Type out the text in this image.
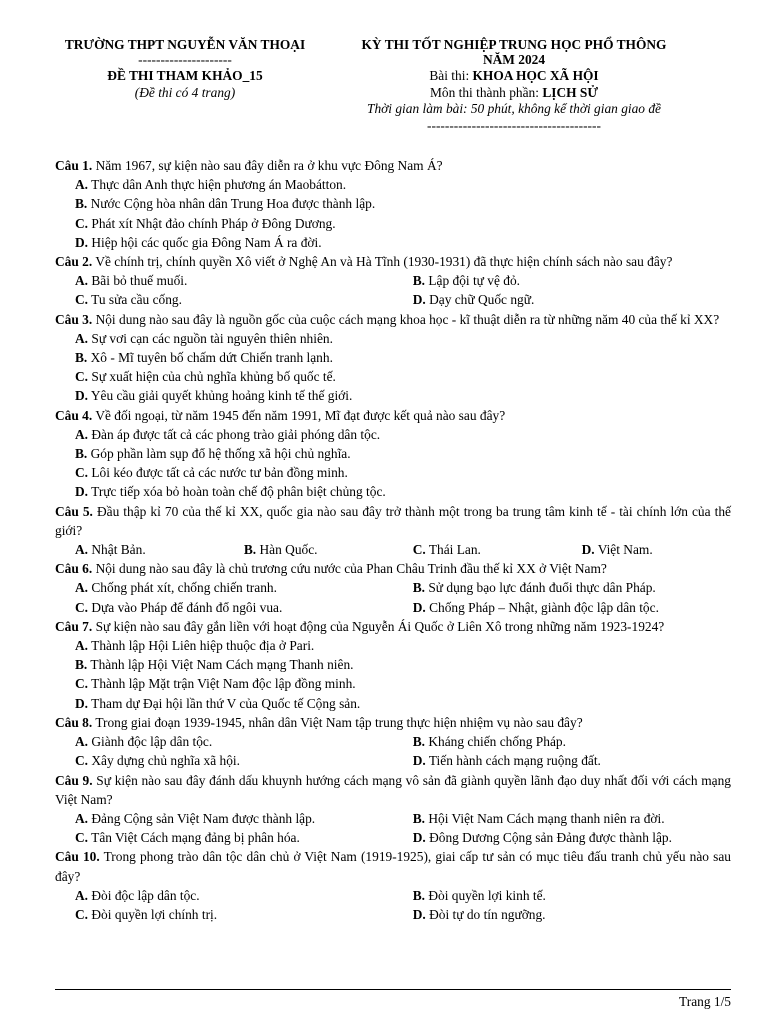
TRƯỜNG THPT NGUYỄN VĂN THOẠI
---------------------
ĐỀ THI THAM KHẢO_15
(Đề thi có 4 trang)
KỲ THI TỐT NGHIỆP TRUNG HỌC PHỔ THÔNG
NĂM 2024
Bài thi: KHOA HỌC XÃ HỘI
Môn thi thành phần: LỊCH SỬ
Thời gian làm bài: 50 phút, không kể thời gian giao đề
---------------------------------------
Câu 1. Năm 1967, sự kiện nào sau đây diễn ra ở khu vực Đông Nam Á?
A. Thực dân Anh thực hiện phương án Maobátton.
B. Nước Cộng hòa nhân dân Trung Hoa được thành lập.
C. Phát xít Nhật đảo chính Pháp ở Đông Dương.
D. Hiệp hội các quốc gia Đông Nam Á ra đời.
Câu 2. Về chính trị, chính quyền Xô viết ở Nghệ An và Hà Tĩnh (1930-1931) đã thực hiện chính sách nào sau đây?
A. Bãi bỏ thuế muối.	B. Lập đội tự vệ đỏ.
C. Tu sửa cầu cống.	D. Dạy chữ Quốc ngữ.
Câu 3. Nội dung nào sau đây là nguồn gốc của cuộc cách mạng khoa học - kĩ thuật diễn ra từ những năm 40 của thế kỉ XX?
A. Sự vơi cạn các nguồn tài nguyên thiên nhiên.
B. Xô - Mĩ tuyên bố chấm dứt Chiến tranh lạnh.
C. Sự xuất hiện của chủ nghĩa khủng bố quốc tế.
D. Yêu cầu giải quyết khủng hoảng kinh tế thế giới.
Câu 4. Về đối ngoại, từ năm 1945 đến năm 1991, Mĩ đạt được kết quả nào sau đây?
A. Đàn áp được tất cả các phong trào giải phóng dân tộc.
B. Góp phần làm sụp đổ hệ thống xã hội chủ nghĩa.
C. Lôi kéo được tất cả các nước tư bản đồng minh.
D. Trực tiếp xóa bỏ hoàn toàn chế độ phân biệt chủng tộc.
Câu 5. Đầu thập kỉ 70 của thế kỉ XX, quốc gia nào sau đây trở thành một trong ba trung tâm kinh tế - tài chính lớn của thế giới?
A. Nhật Bản.	B. Hàn Quốc.	C. Thái Lan.	D. Việt Nam.
Câu 6. Nội dung nào sau đây là chủ trương cứu nước của Phan Châu Trinh đầu thế kỉ XX ở Việt Nam?
A. Chống phát xít, chống chiến tranh.	B. Sử dụng bạo lực đánh đuổi thực dân Pháp.
C. Dựa vào Pháp để đánh đổ ngôi vua.	D. Chống Pháp – Nhật, giành độc lập dân tộc.
Câu 7. Sự kiện nào sau đây gắn liền với hoạt động của Nguyễn Ái Quốc ở Liên Xô trong những năm 1923-1924?
A. Thành lập Hội Liên hiệp thuộc địa ở Pari.
B. Thành lập Hội Việt Nam Cách mạng Thanh niên.
C. Thành lập Mặt trận Việt Nam độc lập đồng minh.
D. Tham dự Đại hội lần thứ V của Quốc tế Cộng sản.
Câu 8. Trong giai đoạn 1939-1945, nhân dân Việt Nam tập trung thực hiện nhiệm vụ nào sau đây?
A. Giành độc lập dân tộc.	B. Kháng chiến chống Pháp.
C. Xây dựng chủ nghĩa xã hội.	D. Tiến hành cách mạng ruộng đất.
Câu 9. Sự kiện nào sau đây đánh dấu khuynh hướng cách mạng vô sản đã giành quyền lãnh đạo duy nhất đối với cách mạng Việt Nam?
A. Đảng Cộng sản Việt Nam được thành lập.	B. Hội Việt Nam Cách mạng thanh niên ra đời.
C. Tân Việt Cách mạng đảng bị phân hóa.	D. Đông Dương Cộng sản Đảng được thành lập.
Câu 10. Trong phong trào dân tộc dân chủ ở Việt Nam (1919-1925), giai cấp tư sản có mục tiêu đấu tranh chủ yếu nào sau đây?
A. Đòi độc lập dân tộc.	B. Đòi quyền lợi kinh tế.
C. Đòi quyền lợi chính trị.	D. Đòi tự do tín ngưỡng.
Trang 1/5
